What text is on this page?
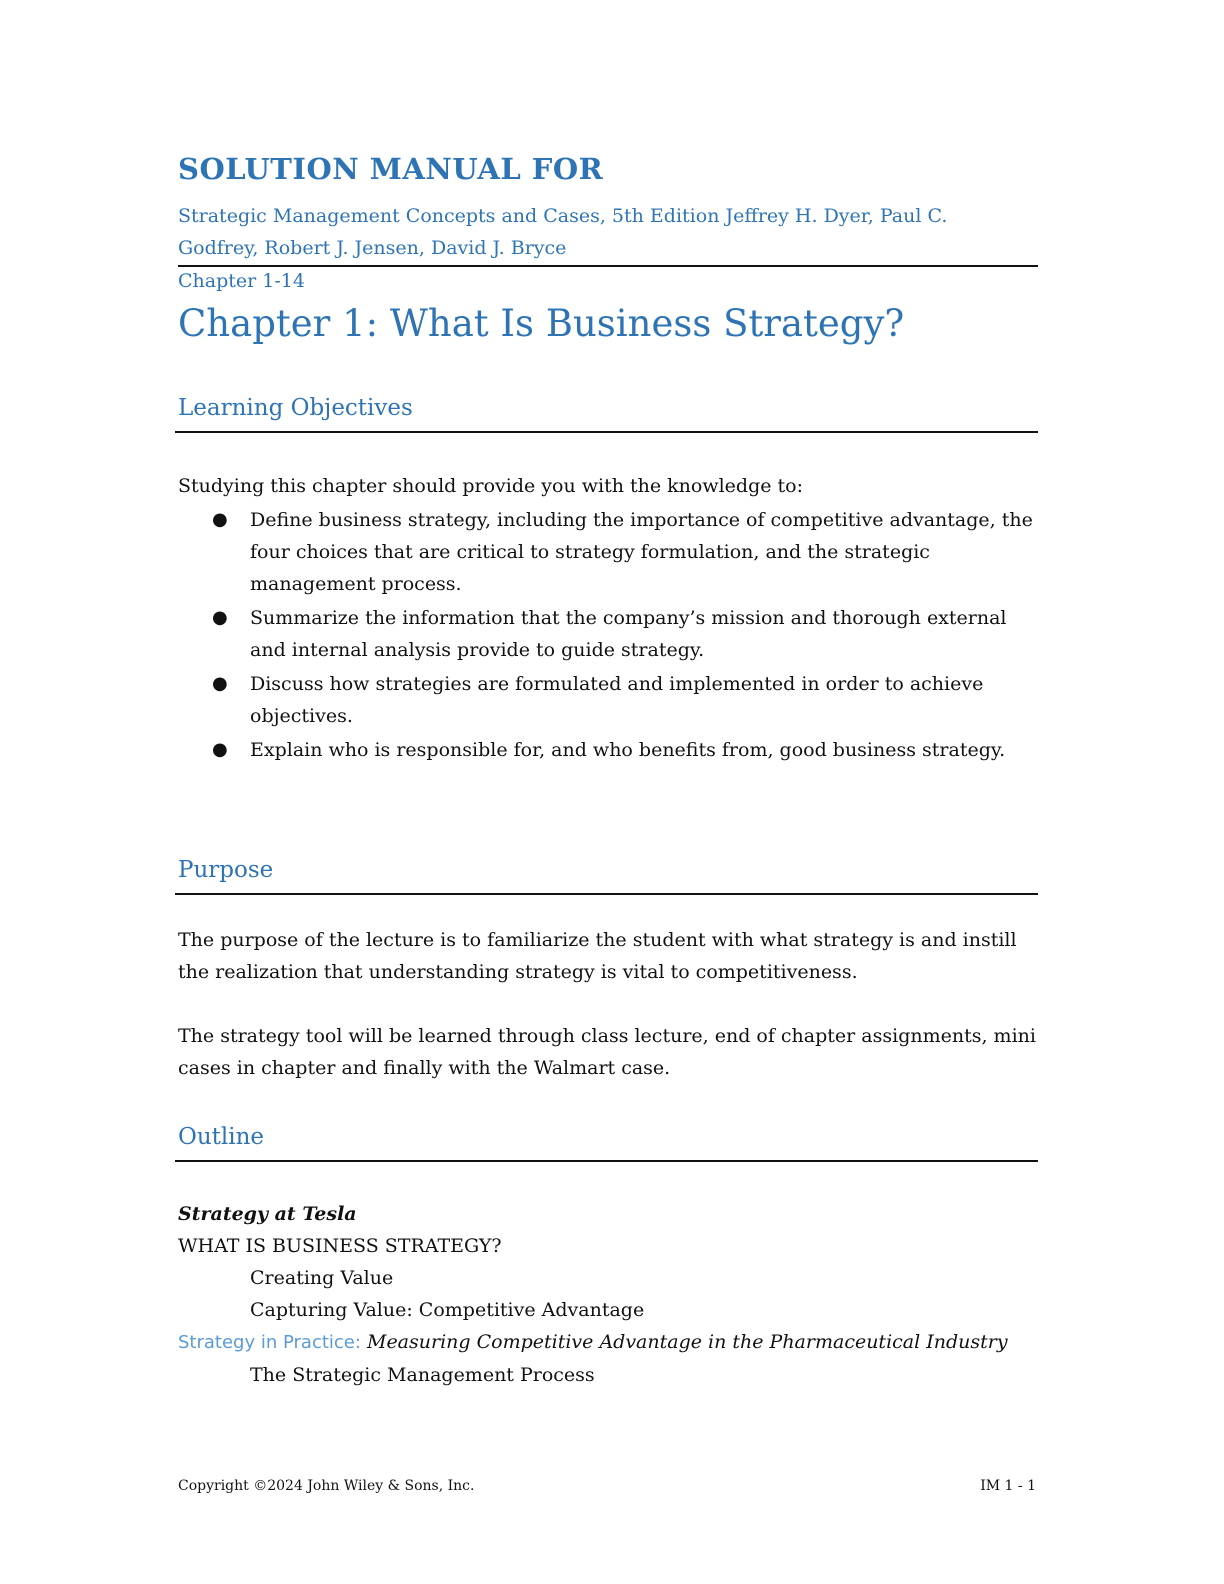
SOLUTION MANUAL FOR
Strategic Management Concepts and Cases, 5th Edition Jeffrey H. Dyer, Paul C. Godfrey, Robert J. Jensen, David J. Bryce
Chapter 1-14
Chapter 1: What Is Business Strategy?
Learning Objectives
Studying this chapter should provide you with the knowledge to:
● Define business strategy, including the importance of competitive advantage, the four choices that are critical to strategy formulation, and the strategic management process.
● Summarize the information that the company’s mission and thorough external and internal analysis provide to guide strategy.
● Discuss how strategies are formulated and implemented in order to achieve objectives.
● Explain who is responsible for, and who benefits from, good business strategy.
Purpose
The purpose of the lecture is to familiarize the student with what strategy is and instill the realization that understanding strategy is vital to competitiveness.
The strategy tool will be learned through class lecture, end of chapter assignments, mini cases in chapter and finally with the Walmart case.
Outline
Strategy at Tesla
WHAT IS BUSINESS STRATEGY?
Creating Value
Capturing Value: Competitive Advantage
Strategy in Practice: Measuring Competitive Advantage in the Pharmaceutical Industry
The Strategic Management Process
Copyright ©2024 John Wiley & Sons, Inc.	IM 1 - 1
